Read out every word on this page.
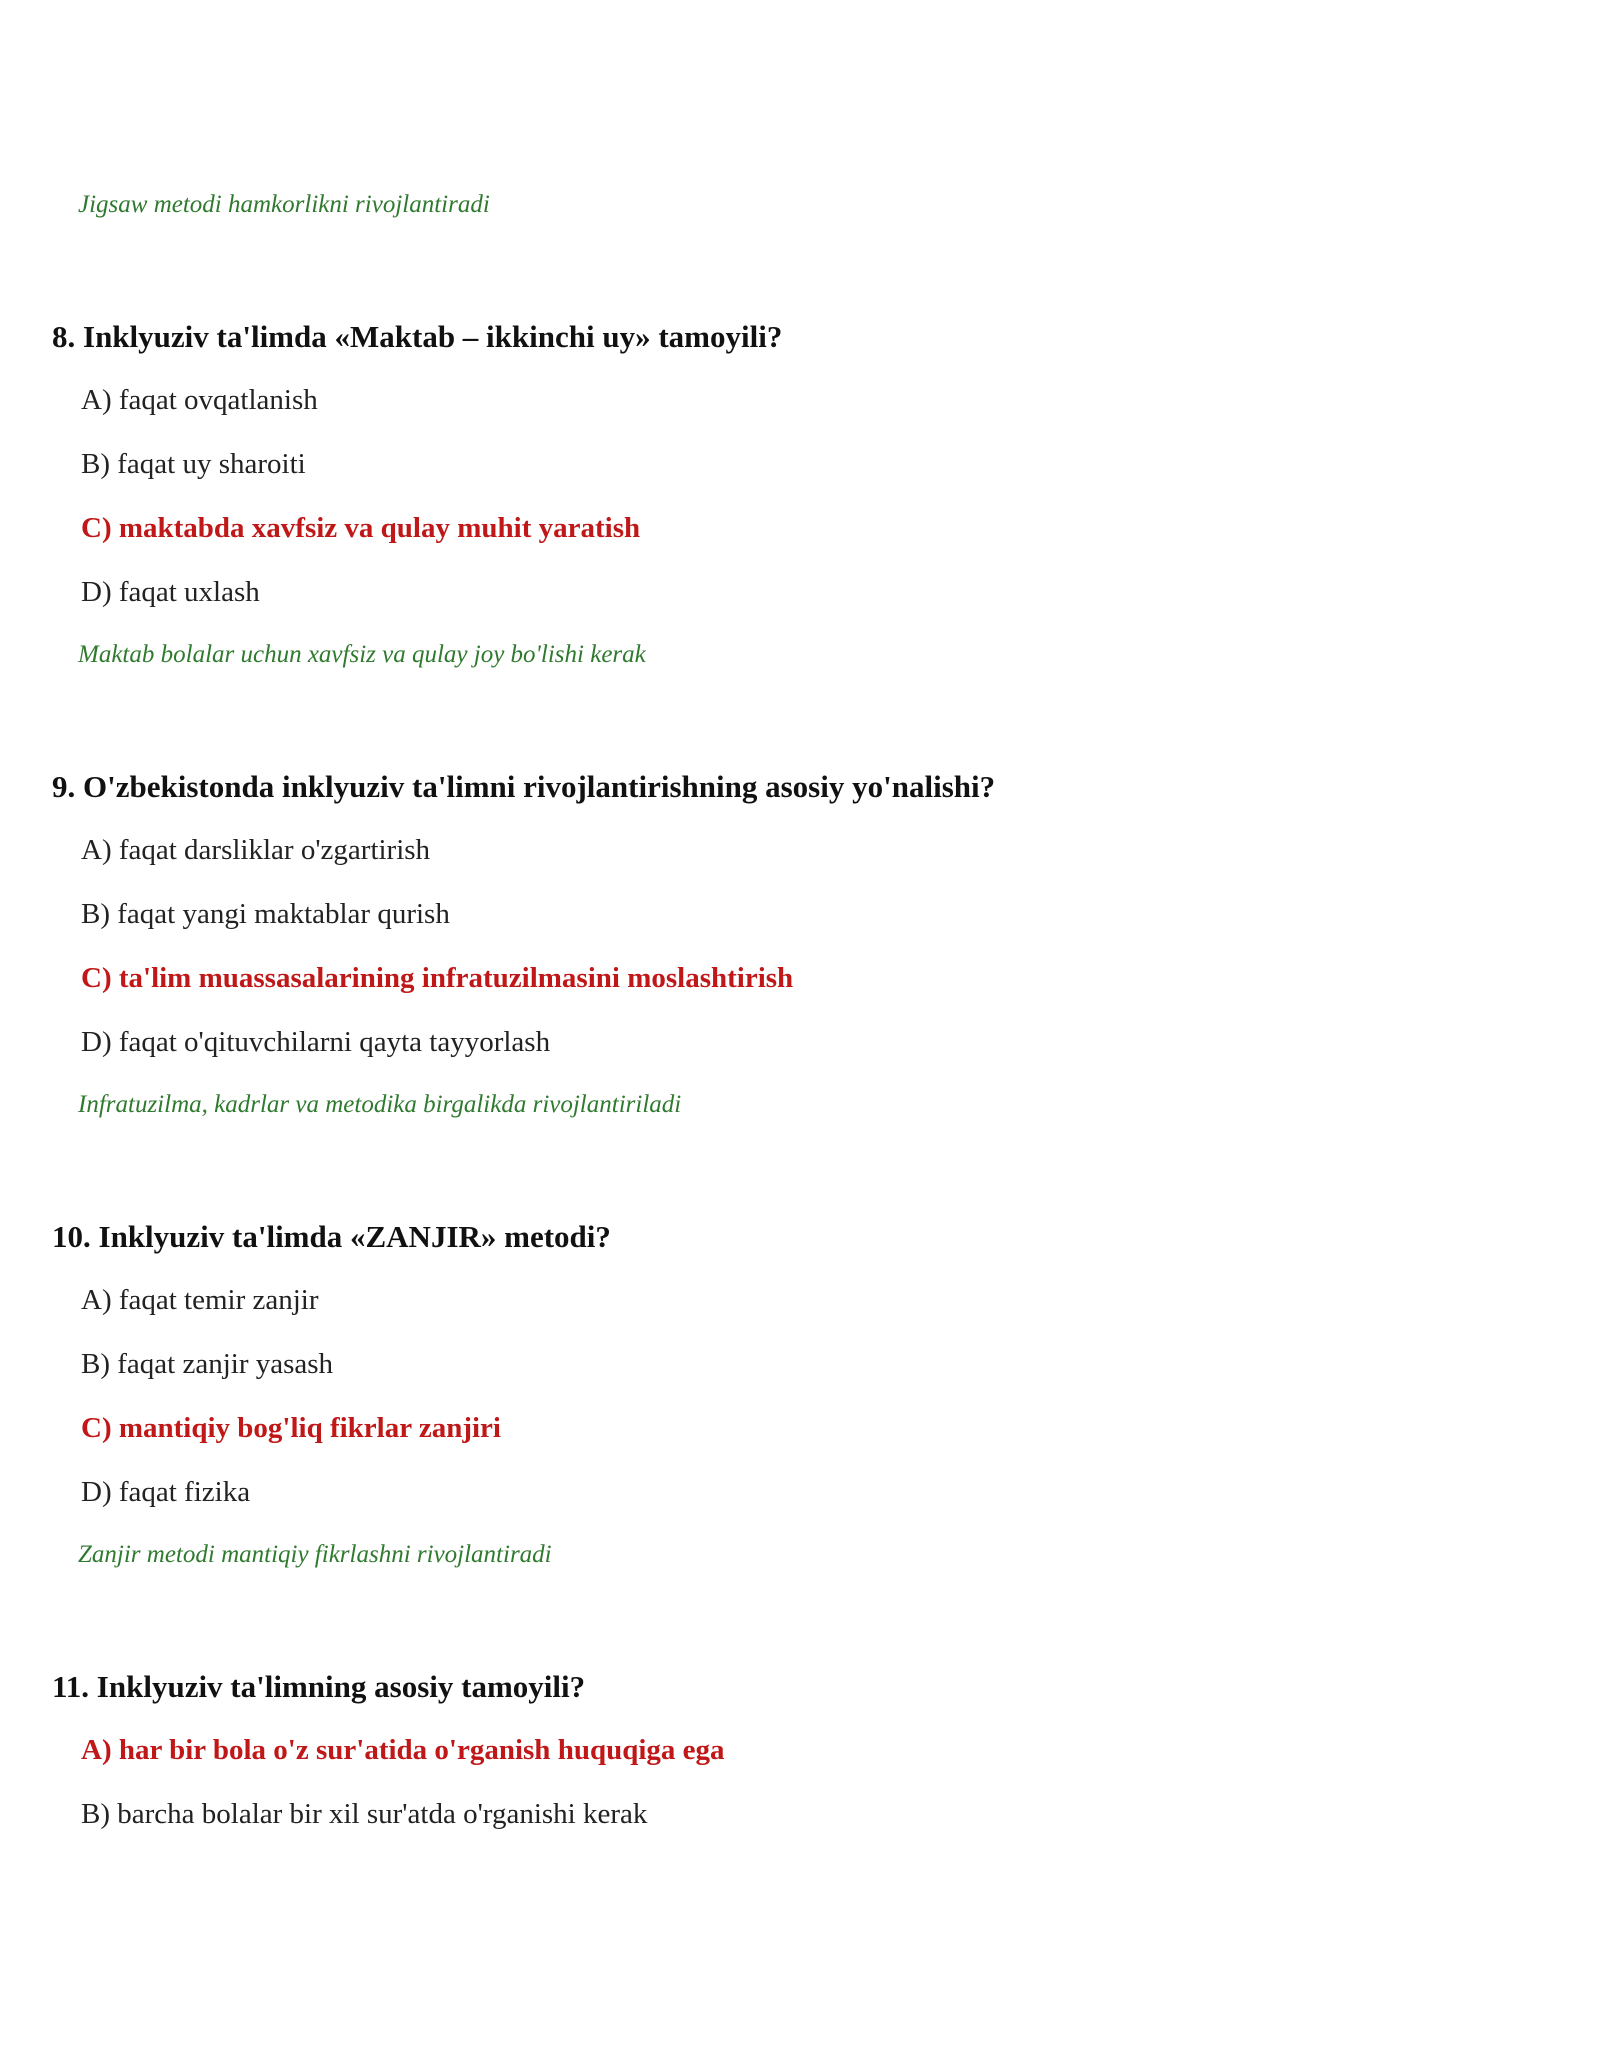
Jigsaw metodi hamkorlikni rivojlantiradi
8. Inklyuziv ta'limda «Maktab – ikkinchi uy» tamoyili?
A) faqat ovqatlanish
B) faqat uy sharoiti
C) maktabda xavfsiz va qulay muhit yaratish
D) faqat uxlash
Maktab bolalar uchun xavfsiz va qulay joy bo'lishi kerak
9. O'zbekistonda inklyuziv ta'limni rivojlantirishning asosiy yo'nalishi?
A) faqat darsliklar o'zgartirish
B) faqat yangi maktablar qurish
C) ta'lim muassasalarining infratuzilmasini moslashtirish
D) faqat o'qituvchilarni qayta tayyorlash
Infratuzilma, kadrlar va metodika birgalikda rivojlantiriladi
10. Inklyuziv ta'limda «ZANJIR» metodi?
A) faqat temir zanjir
B) faqat zanjir yasash
C) mantiqiy bog'liq fikrlar zanjiri
D) faqat fizika
Zanjir metodi mantiqiy fikrlashni rivojlantiradi
11. Inklyuziv ta'limning asosiy tamoyili?
A) har bir bola o'z sur'atida o'rganish huquqiga ega
B) barcha bolalar bir xil sur'atda o'rganishi kerak
